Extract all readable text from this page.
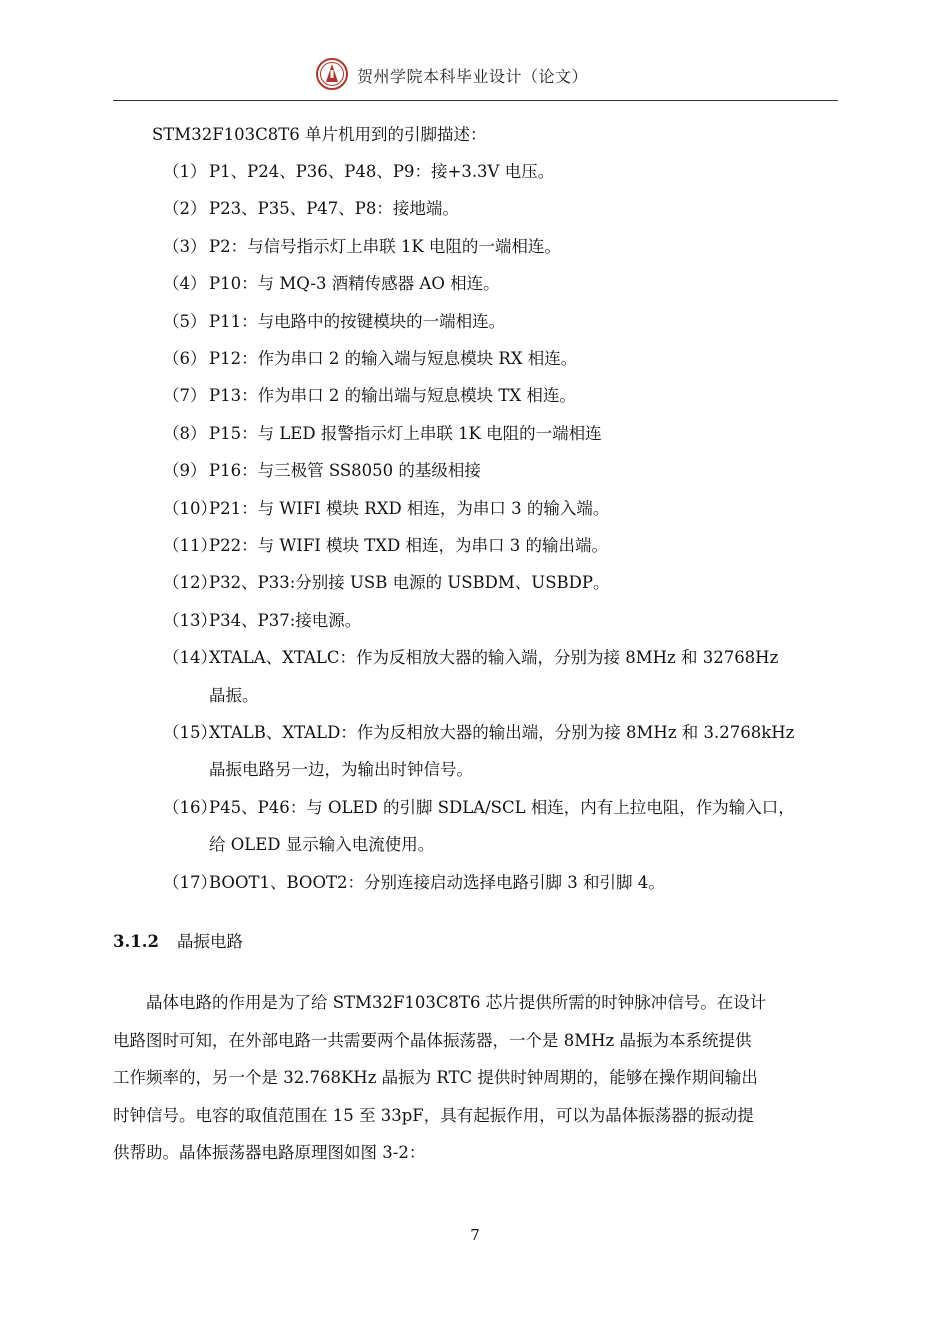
贺州学院本科毕业设计（论文）
STM32F103C8T6 单片机用到的引脚描述：
（1） P1、P24、P36、P48、P9：接+3.3V 电压。
（2） P23、P35、P47、P8：接地端。
（3） P2：与信号指示灯上串联 1K 电阻的一端相连。
（4） P10：与 MQ-3 酒精传感器 AO 相连。
（5） P11：与电路中的按键模块的一端相连。
（6） P12：作为串口 2 的输入端与短息模块 RX 相连。
（7） P13：作为串口 2 的输出端与短息模块 TX 相连。
（8） P15：与 LED 报警指示灯上串联 1K 电阻的一端相连
（9） P16：与三极管 SS8050 的基级相接
（10）P21：与 WIFI 模块 RXD 相连，为串口 3 的输入端。
（11）P22：与 WIFI 模块 TXD 相连，为串口 3 的输出端。
（12）P32、P33:分别接 USB 电源的 USBDM、USBDP。
（13）P34、P37:接电源。
（14）XTALA、XTALC：作为反相放大器的输入端，分别为接 8MHz 和 32768Hz
晶振。
（15）XTALB、XTALD：作为反相放大器的输出端，分别为接 8MHz 和 3.2768kHz
晶振电路另一边，为输出时钟信号。
（16）P45、P46：与 OLED 的引脚 SDLA/SCL 相连，内有上拉电阻，作为输入口，
给 OLED 显示输入电流使用。
（17）BOOT1、BOOT2：分别连接启动选择电路引脚 3 和引脚 4。
3.1.2 晶振电路
　　晶体电路的作用是为了给 STM32F103C8T6 芯片提供所需的时钟脉冲信号。在设计
电路图时可知，在外部电路一共需要两个晶体振荡器，一个是 8MHz 晶振为本系统提供
工作频率的，另一个是 32.768KHz 晶振为 RTC 提供时钟周期的，能够在操作期间输出
时钟信号。电容的取值范围在 15 至 33pF，具有起振作用，可以为晶体振荡器的振动提
供帮助。晶体振荡器电路原理图如图 3-2：
7
